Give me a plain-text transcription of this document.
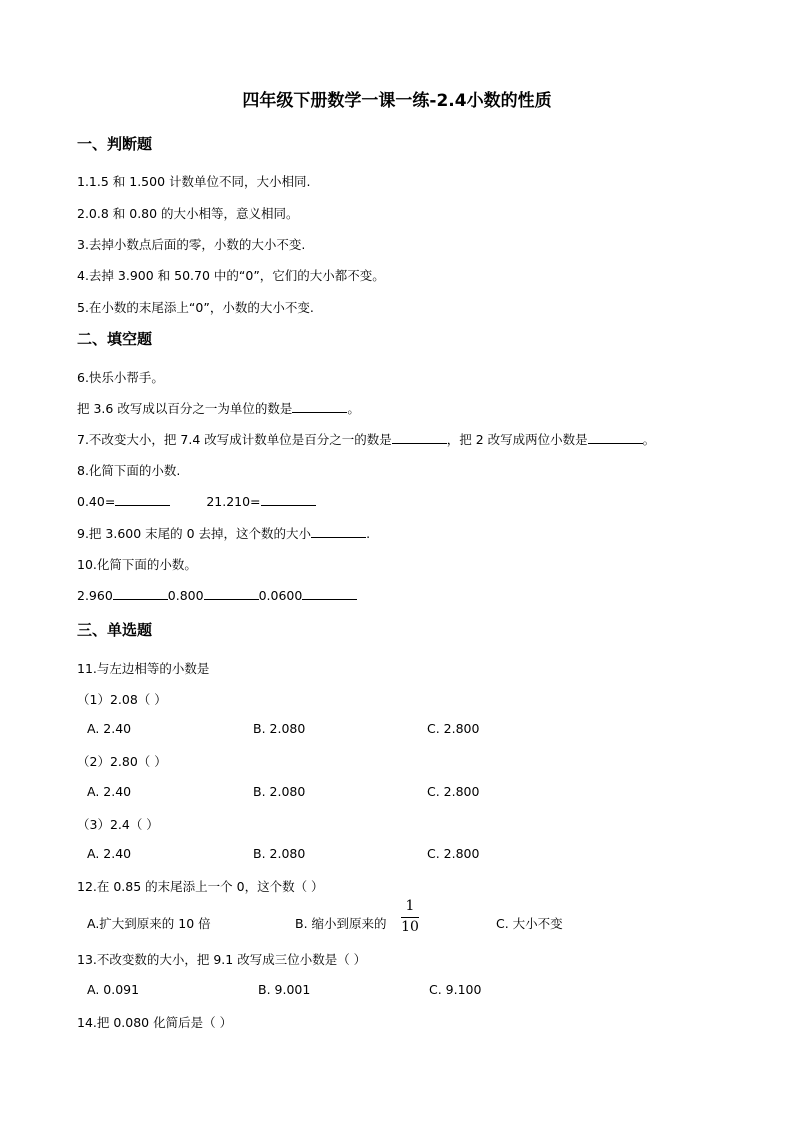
四年级下册数学一课一练-2.4小数的性质
一、判断题
1.1.5 和 1.500 计数单位不同，大小相同.
2.0.8 和 0.80 的大小相等，意义相同。
3.去掉小数点后面的零，小数的大小不变.
4.去掉 3.900 和 50.70 中的“0”，它们的大小都不变。
5.在小数的末尾添上“0”，小数的大小不变.
二、填空题
6.快乐小帮手。
把 3.6 改写成以百分之一为单位的数是	。
7.不改变大小，把 7.4 改写成计数单位是百分之一的数是	，把 2 改写成两位小数是	。
8.化简下面的小数.
0.40=	21.210=
9.把 3.600 末尾的 0 去掉，这个数的大小	.
10.化简下面的小数。
2.960	0.800	0.0600
三、单选题
11.与左边相等的小数是
（1）2.08（ ）
A. 2.40	B. 2.080	C. 2.800
（2）2.80（ ）
A. 2.40	B. 2.080	C. 2.800
（3）2.4（ ）
A. 2.40	B. 2.080	C. 2.800
12.在 0.85 的末尾添上一个 0，这个数（ ）
A.扩大到原来的 10 倍	B. 缩小到原来的
1
10	C. 大小不变
13.不改变数的大小，把 9.1 改写成三位小数是（ ）
A. 0.091	B. 9.001	C. 9.100
14.把 0.080 化简后是（ ）
